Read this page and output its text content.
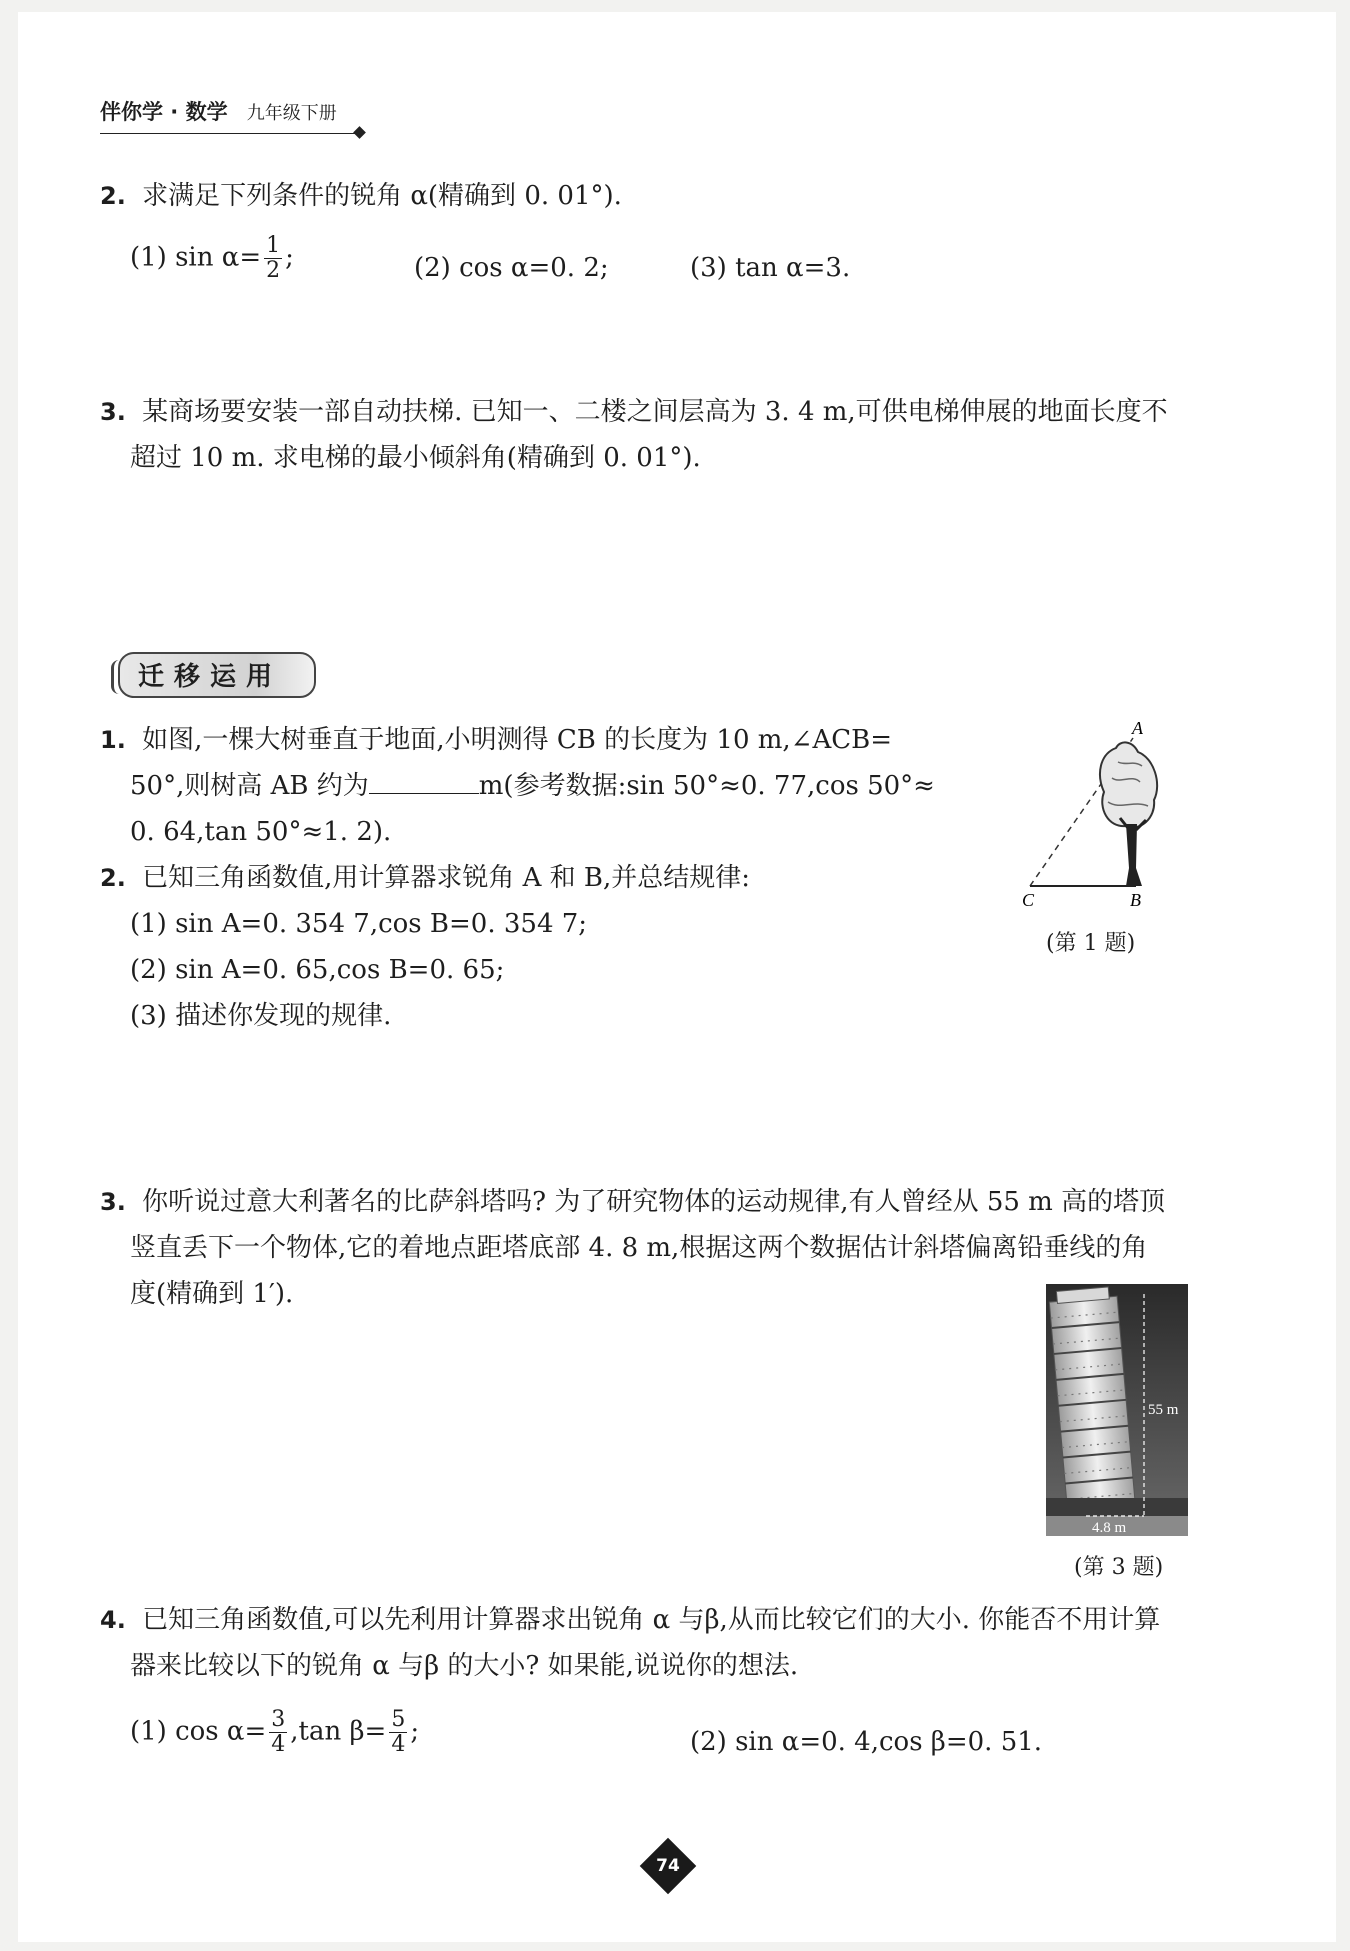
伴你学 · 数学 九年级下册
2. 求满足下列条件的锐角 α(精确到 0. 01°).
(1) $\sin \alpha= \frac{1}{2}$ ;	(2) cos α=0. 2;	(3) tan α=3.
3. 某商场要安装一部自动扶梯. 已知一、二楼之间层高为 3. 4 m,可供电梯伸展的地面长度不
超过 10 m. 求电梯的最小倾斜角(精确到 0. 01°).
迁移运用
1. 如图,一棵大树垂直于地面,小明测得 CB 的长度为 10 m,∠ACB=
50°,则树高 AB 约为	m(参考数据:sin 50°≈0. 77,cos 50°≈
0. 64,tan 50°≈1. 2).
A
C	B
(第 1 题)
2. 已知三角函数值,用计算器求锐角 A 和 B,并总结规律:
(1) sin A=0. 354 7,cos B=0. 354 7;
(2) sin A=0. 65,cos B=0. 65;
(3) 描述你发现的规律.
3. 你听说过意大利著名的比萨斜塔吗? 为了研究物体的运动规律,有人曾经从 55 m 高的塔顶
竖直丢下一个物体,它的着地点距塔底部 4. 8 m,根据这两个数据估计斜塔偏离铅垂线的角
度(精确到 1′).
55 m
4.8 m
(第 3 题)
4. 已知三角函数值,可以先利用计算器求出锐角 α 与β,从而比较它们的大小. 你能否不用计算
器来比较以下的锐角 α 与β 的大小? 如果能,说说你的想法.
(1) $\cos \alpha= \frac{3}{4} ,\tan$ $\beta= \frac{5}{4}$ ;	(2) sin α=0. 4,cos β=0. 51.
74
